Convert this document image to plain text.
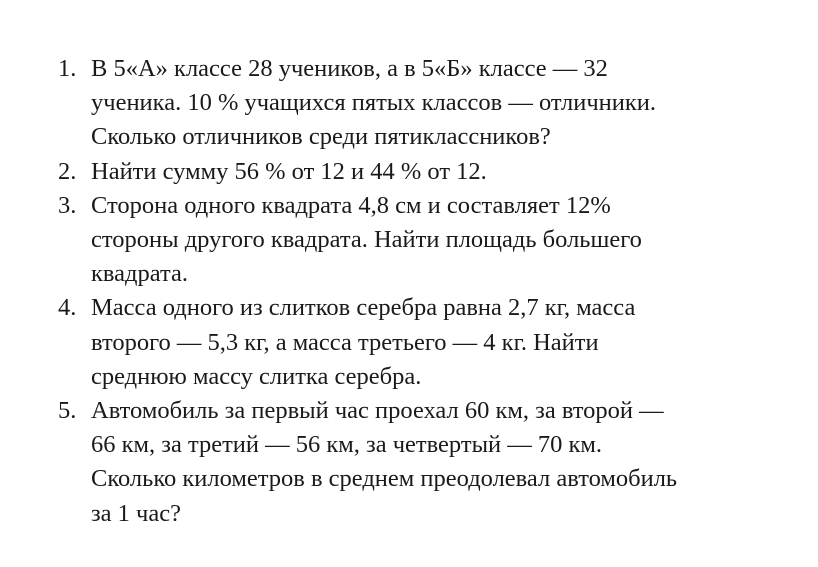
1. В 5«А» классе 28 учеников, а в 5«Б» классе — 32
ученика. 10 % учащихся пятых классов — отличники.
Сколько отличников среди пятиклассников?
2. Найти сумму 56 % от 12 и 44 % от 12.
3. Сторона одного квадрата 4,8 см и составляет 12%
стороны другого квадрата. Найти площадь большего
квадрата.
4. Масса одного из слитков серебра равна 2,7 кг, масса
второго — 5,3 кг, а масса третьего — 4 кг. Найти
среднюю массу слитка серебра.
5. Автомобиль за первый час проехал 60 км, за второй —
66 км, за третий — 56 км, за четвертый — 70 км.
Сколько километров в среднем преодолевал автомобиль
за 1 час?
